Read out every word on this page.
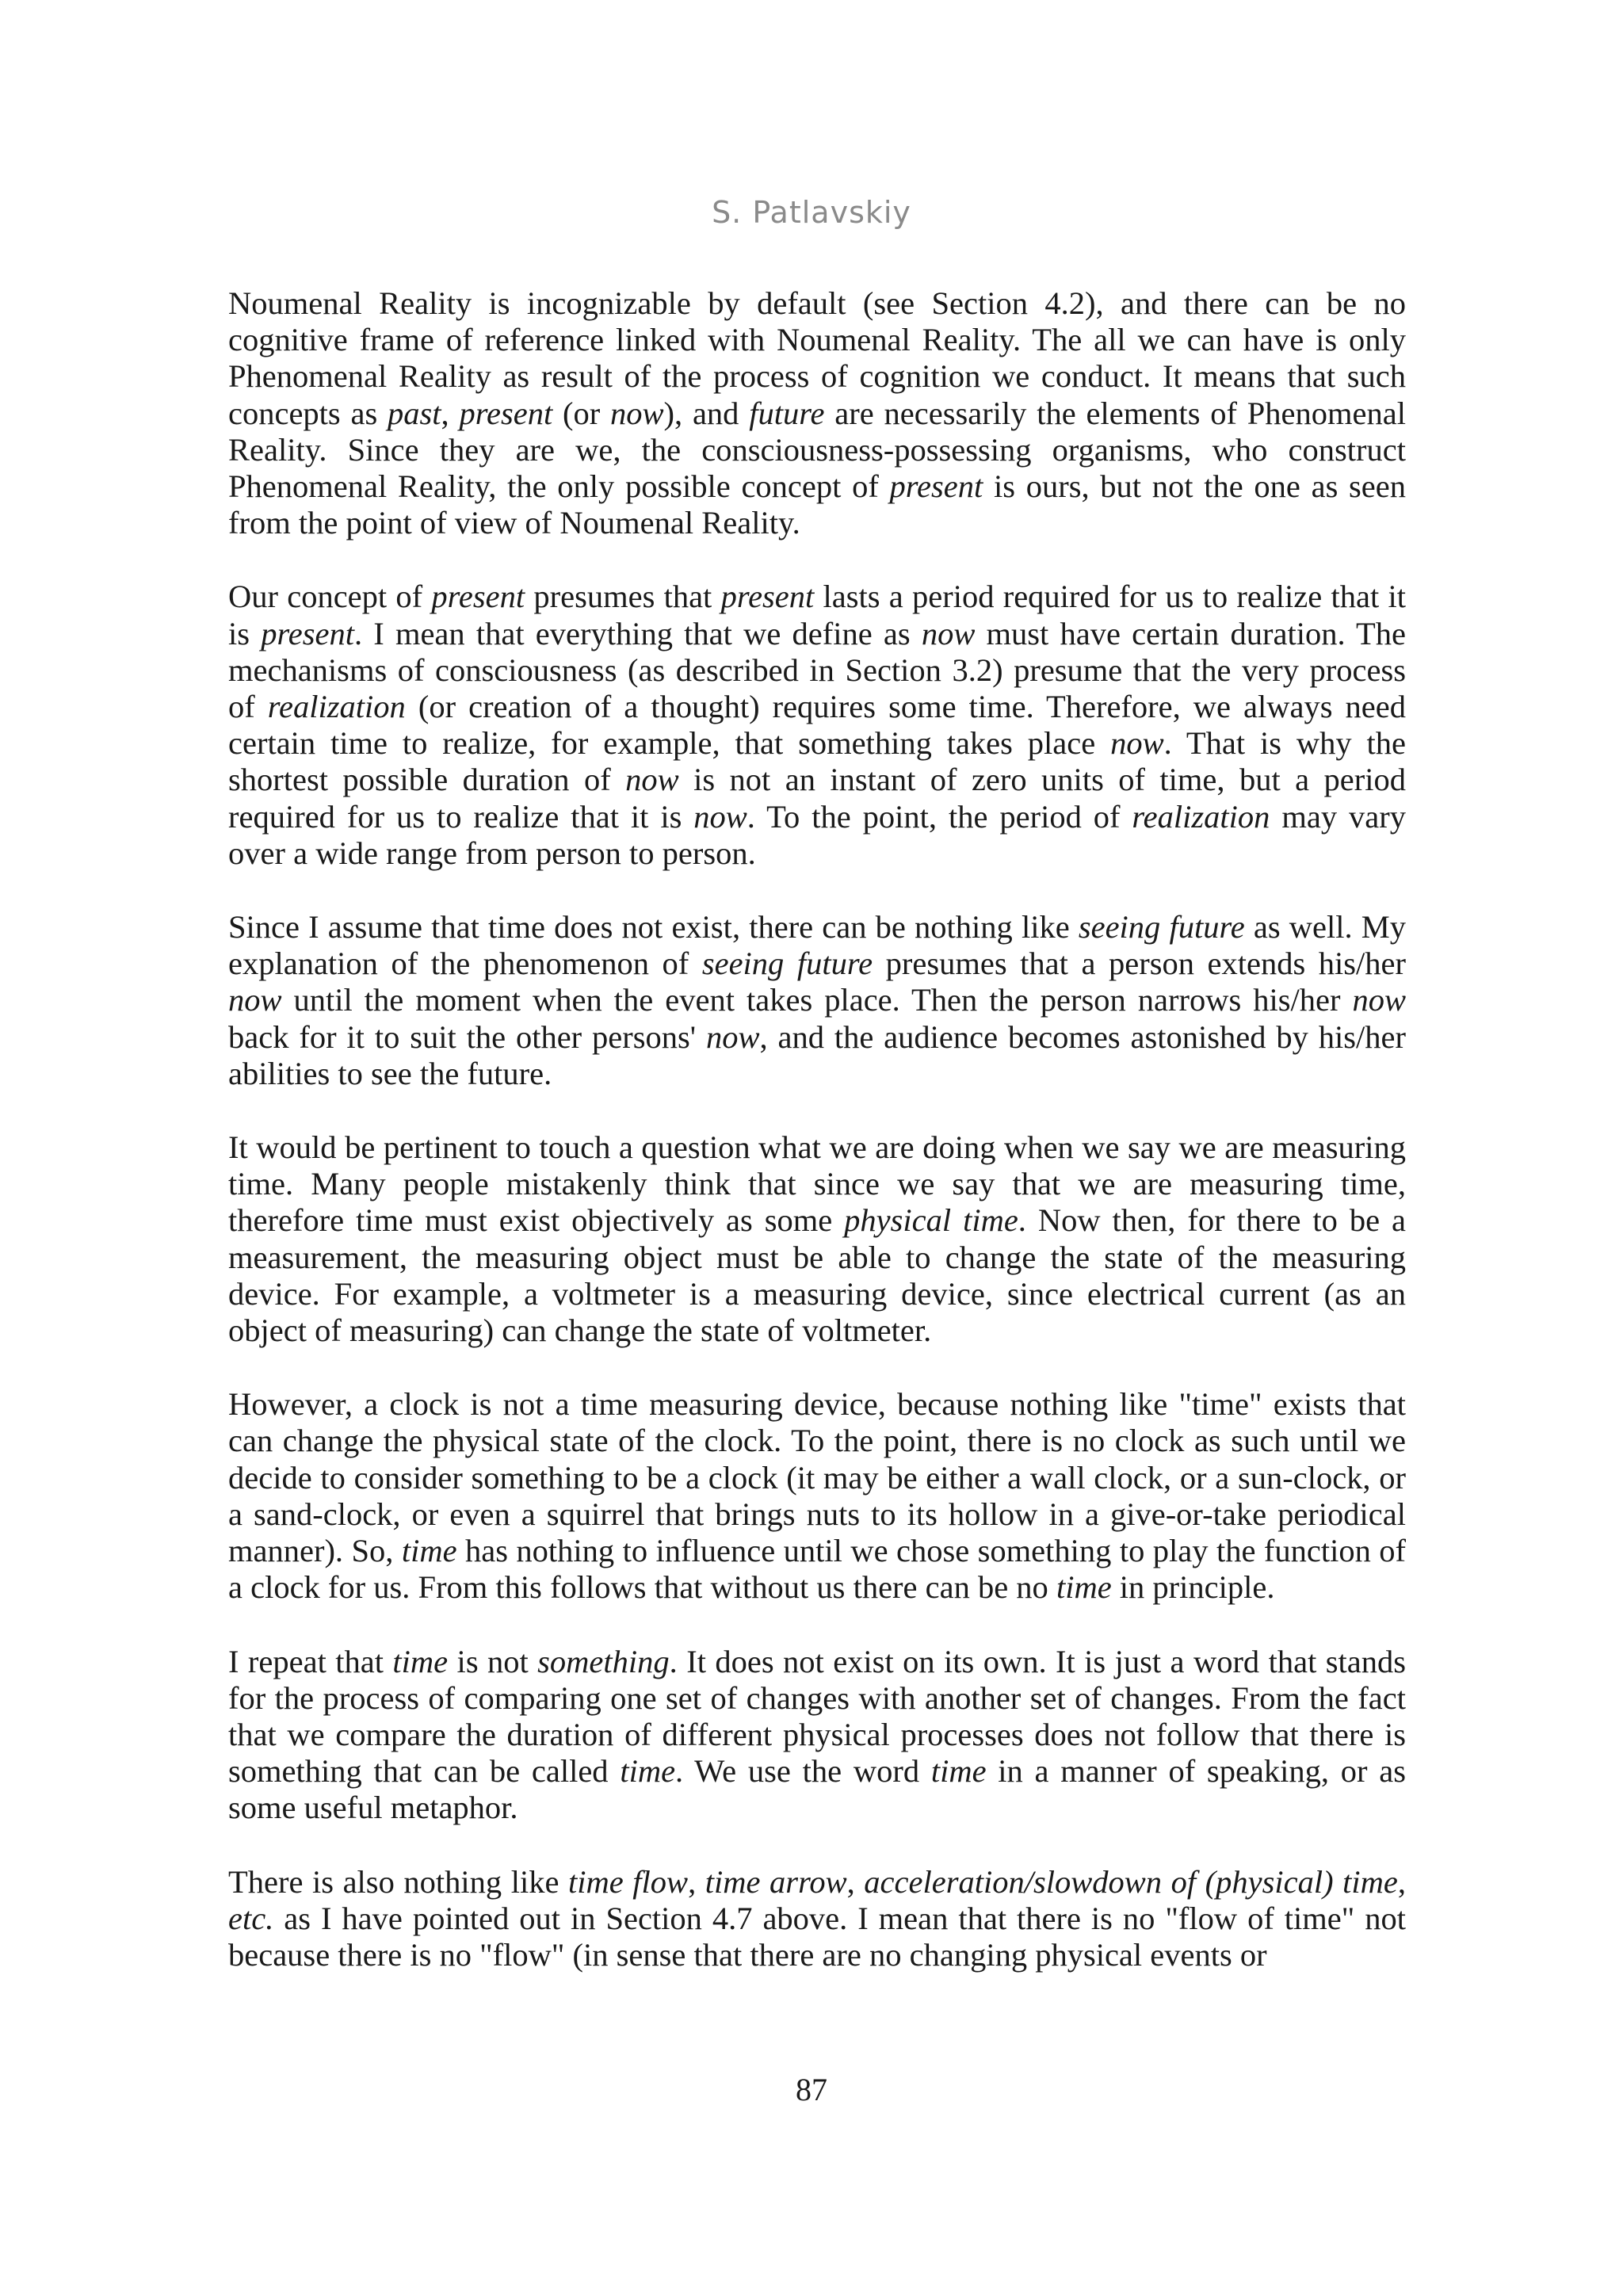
S. Patlavskiy

Noumenal Reality is incognizable by default (see Section 4.2), and there can be no cognitive frame of reference linked with Noumenal Reality. The all we can have is only Phenomenal Reality as result of the process of cognition we conduct. It means that such concepts as past, present (or now), and future are necessarily the elements of Phenomenal Reality. Since they are we, the consciousness-possessing organisms, who construct Phenomenal Reality, the only possible concept of present is ours, but not the one as seen from the point of view of Noumenal Reality.

Our concept of present presumes that present lasts a period required for us to realize that it is present. I mean that everything that we define as now must have certain duration. The mechanisms of consciousness (as described in Section 3.2) presume that the very process of realization (or creation of a thought) requires some time. Therefore, we always need certain time to realize, for example, that something takes place now. That is why the shortest possible duration of now is not an instant of zero units of time, but a period required for us to realize that it is now. To the point, the period of realization may vary over a wide range from person to person.

Since I assume that time does not exist, there can be nothing like seeing future as well. My explanation of the phenomenon of seeing future presumes that a person extends his/her now until the moment when the event takes place. Then the person narrows his/her now back for it to suit the other persons' now, and the audience becomes astonished by his/her abilities to see the future.

It would be pertinent to touch a question what we are doing when we say we are measuring time. Many people mistakenly think that since we say that we are measuring time, therefore time must exist objectively as some physical time. Now then, for there to be a measurement, the measuring object must be able to change the state of the measuring device. For example, a voltmeter is a measuring device, since electrical current (as an object of measuring) can change the state of voltmeter.

However, a clock is not a time measuring device, because nothing like "time" exists that can change the physical state of the clock. To the point, there is no clock as such until we decide to consider something to be a clock (it may be either a wall clock, or a sun-clock, or a sand-clock, or even a squirrel that brings nuts to its hollow in a give-or-take periodical manner). So, time has nothing to influence until we chose something to play the function of a clock for us. From this follows that without us there can be no time in principle.

I repeat that time is not something. It does not exist on its own. It is just a word that stands for the process of comparing one set of changes with another set of changes. From the fact that we compare the duration of different physical processes does not follow that there is something that can be called time. We use the word time in a manner of speaking, or as some useful metaphor.

There is also nothing like time flow, time arrow, acceleration/slowdown of (physical) time, etc. as I have pointed out in Section 4.7 above. I mean that there is no "flow of time" not because there is no "flow" (in sense that there are no changing physical events or

87
